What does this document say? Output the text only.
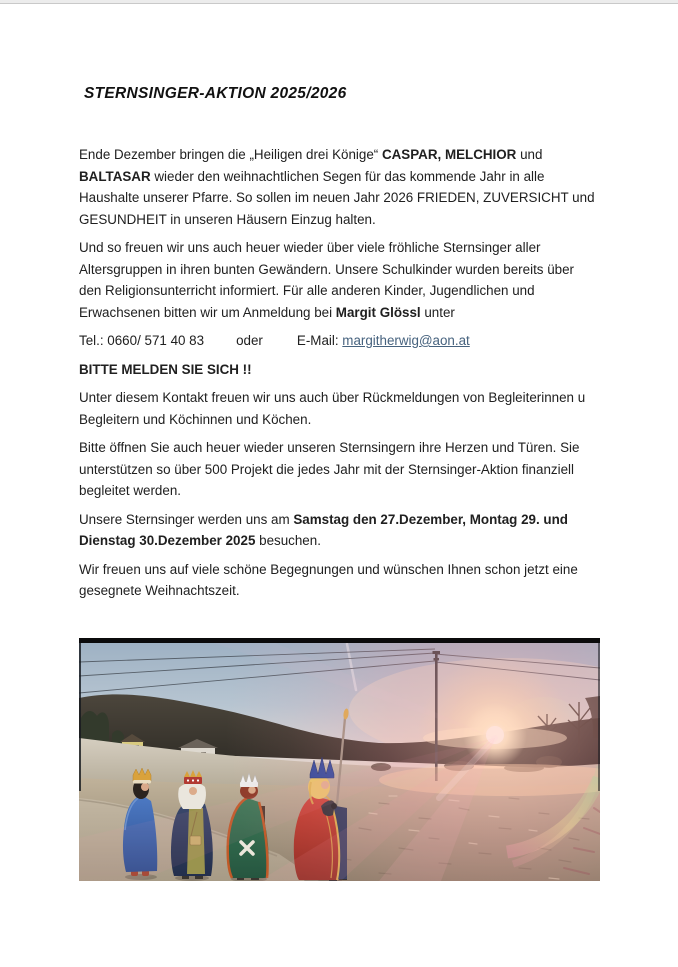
STERNSINGER-AKTION 2025/2026

Ende Dezember bringen die „Heiligen drei Könige“ CASPAR, MELCHIOR und BALTASAR wieder den weihnachtlichen Segen für das kommende Jahr in alle Haushalte unserer Pfarre. So sollen im neuen Jahr 2026 FRIEDEN, ZUVERSICHT und GESUNDHEIT in unseren Häusern Einzug halten.

Und so freuen wir uns auch heuer wieder über viele fröhliche Sternsinger aller Altersgruppen in ihren bunten Gewändern. Unsere Schulkinder wurden bereits über den Religionsunterricht informiert. Für alle anderen Kinder, Jugendlichen und Erwachsenen bitten wir um Anmeldung bei Margit Glössl unter

Tel.: 0660/ 571 40 83 oder	E-Mail: margitherwig@aon.at

BITTE MELDEN SIE SICH !!

Unter diesem Kontakt freuen wir uns auch über Rückmeldungen von Begleiterinnen u Begleitern und Köchinnen und Köchen.

Bitte öffnen Sie auch heuer wieder unseren Sternsingern ihre Herzen und Türen. Sie unterstützen so über 500 Projekt die jedes Jahr mit der Sternsinger-Aktion finanziell begleitet werden.

Unsere Sternsinger werden uns am Samstag den 27.Dezember, Montag 29. und Dienstag 30.Dezember 2025 besuchen.

Wir freuen uns auf viele schöne Begegnungen und wünschen Ihnen schon jetzt eine gesegnete Weihnachtszeit.
